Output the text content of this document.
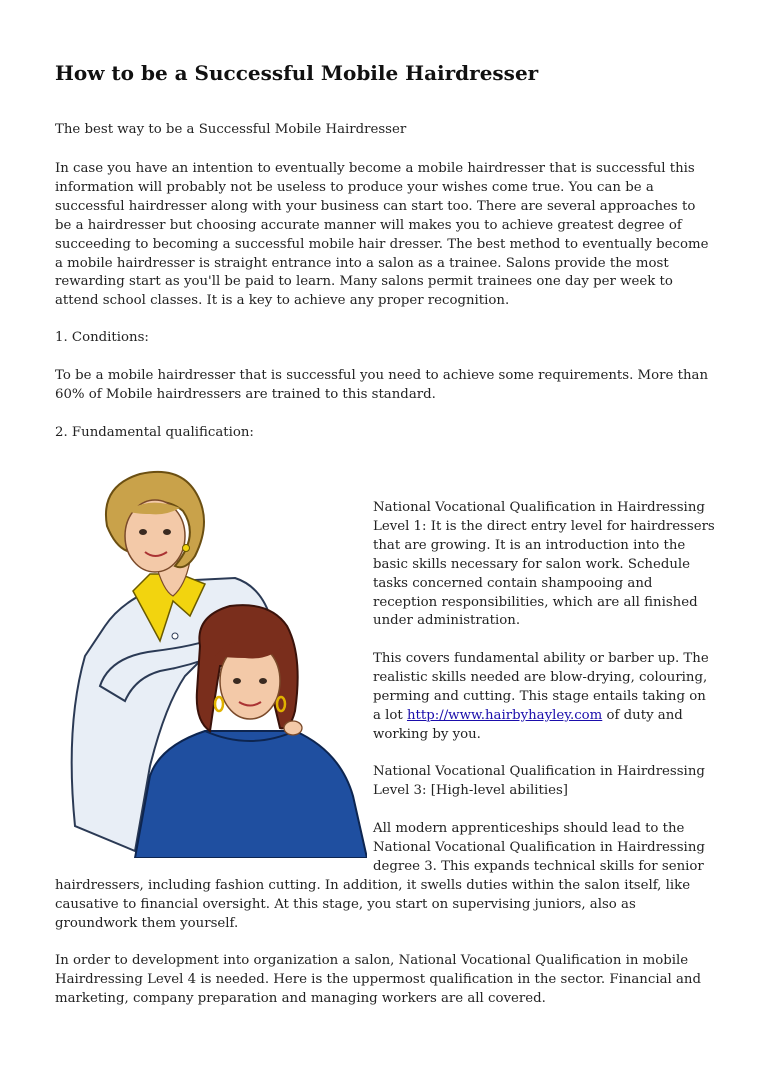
How to be a Successful Mobile Hairdresser

The best way to be a Successful Mobile Hairdresser

In case you have an intention to eventually become a mobile hairdresser that is successful this information will probably not be useless to produce your wishes come true. You can be a successful hairdresser along with your business can start too. There are several approaches to be a hairdresser but choosing accurate manner will makes you to achieve greatest degree of succeeding to becoming a successful mobile hair dresser. The best method to eventually become a mobile hairdresser is straight entrance into a salon as a trainee. Salons provide the most rewarding start as you'll be paid to learn. Many salons permit trainees one day per week to attend school classes. It is a key to achieve any proper recognition.

1. Conditions:

To be a mobile hairdresser that is successful you need to achieve some requirements. More than 60% of Mobile hairdressers are trained to this standard.

2. Fundamental qualification:

National Vocational Qualification in Hairdressing Level 1: It is the direct entry level for hairdressers that are growing. It is an introduction into the basic skills necessary for salon work. Schedule tasks concerned contain shampooing and reception responsibilities, which are all finished under administration.

This covers fundamental ability or barber up. The realistic skills needed are blow-drying, colouring, perming and cutting. This stage entails taking on a lot http://www.hairbyhayley.com of duty and working by you.

National Vocational Qualification in Hairdressing Level 3: [High-level abilities]

All modern apprenticeships should lead to the National Vocational Qualification in Hairdressing degree 3. This expands technical skills for senior

hairdressers, including fashion cutting. In addition, it swells duties within the salon itself, like causative to financial oversight. At this stage, you start on supervising juniors, also as groundwork them yourself.

In order to development into organization a salon, National Vocational Qualification in mobile Hairdressing Level 4 is needed. Here is the uppermost qualification in the sector. Financial and marketing, company preparation and managing workers are all covered.
